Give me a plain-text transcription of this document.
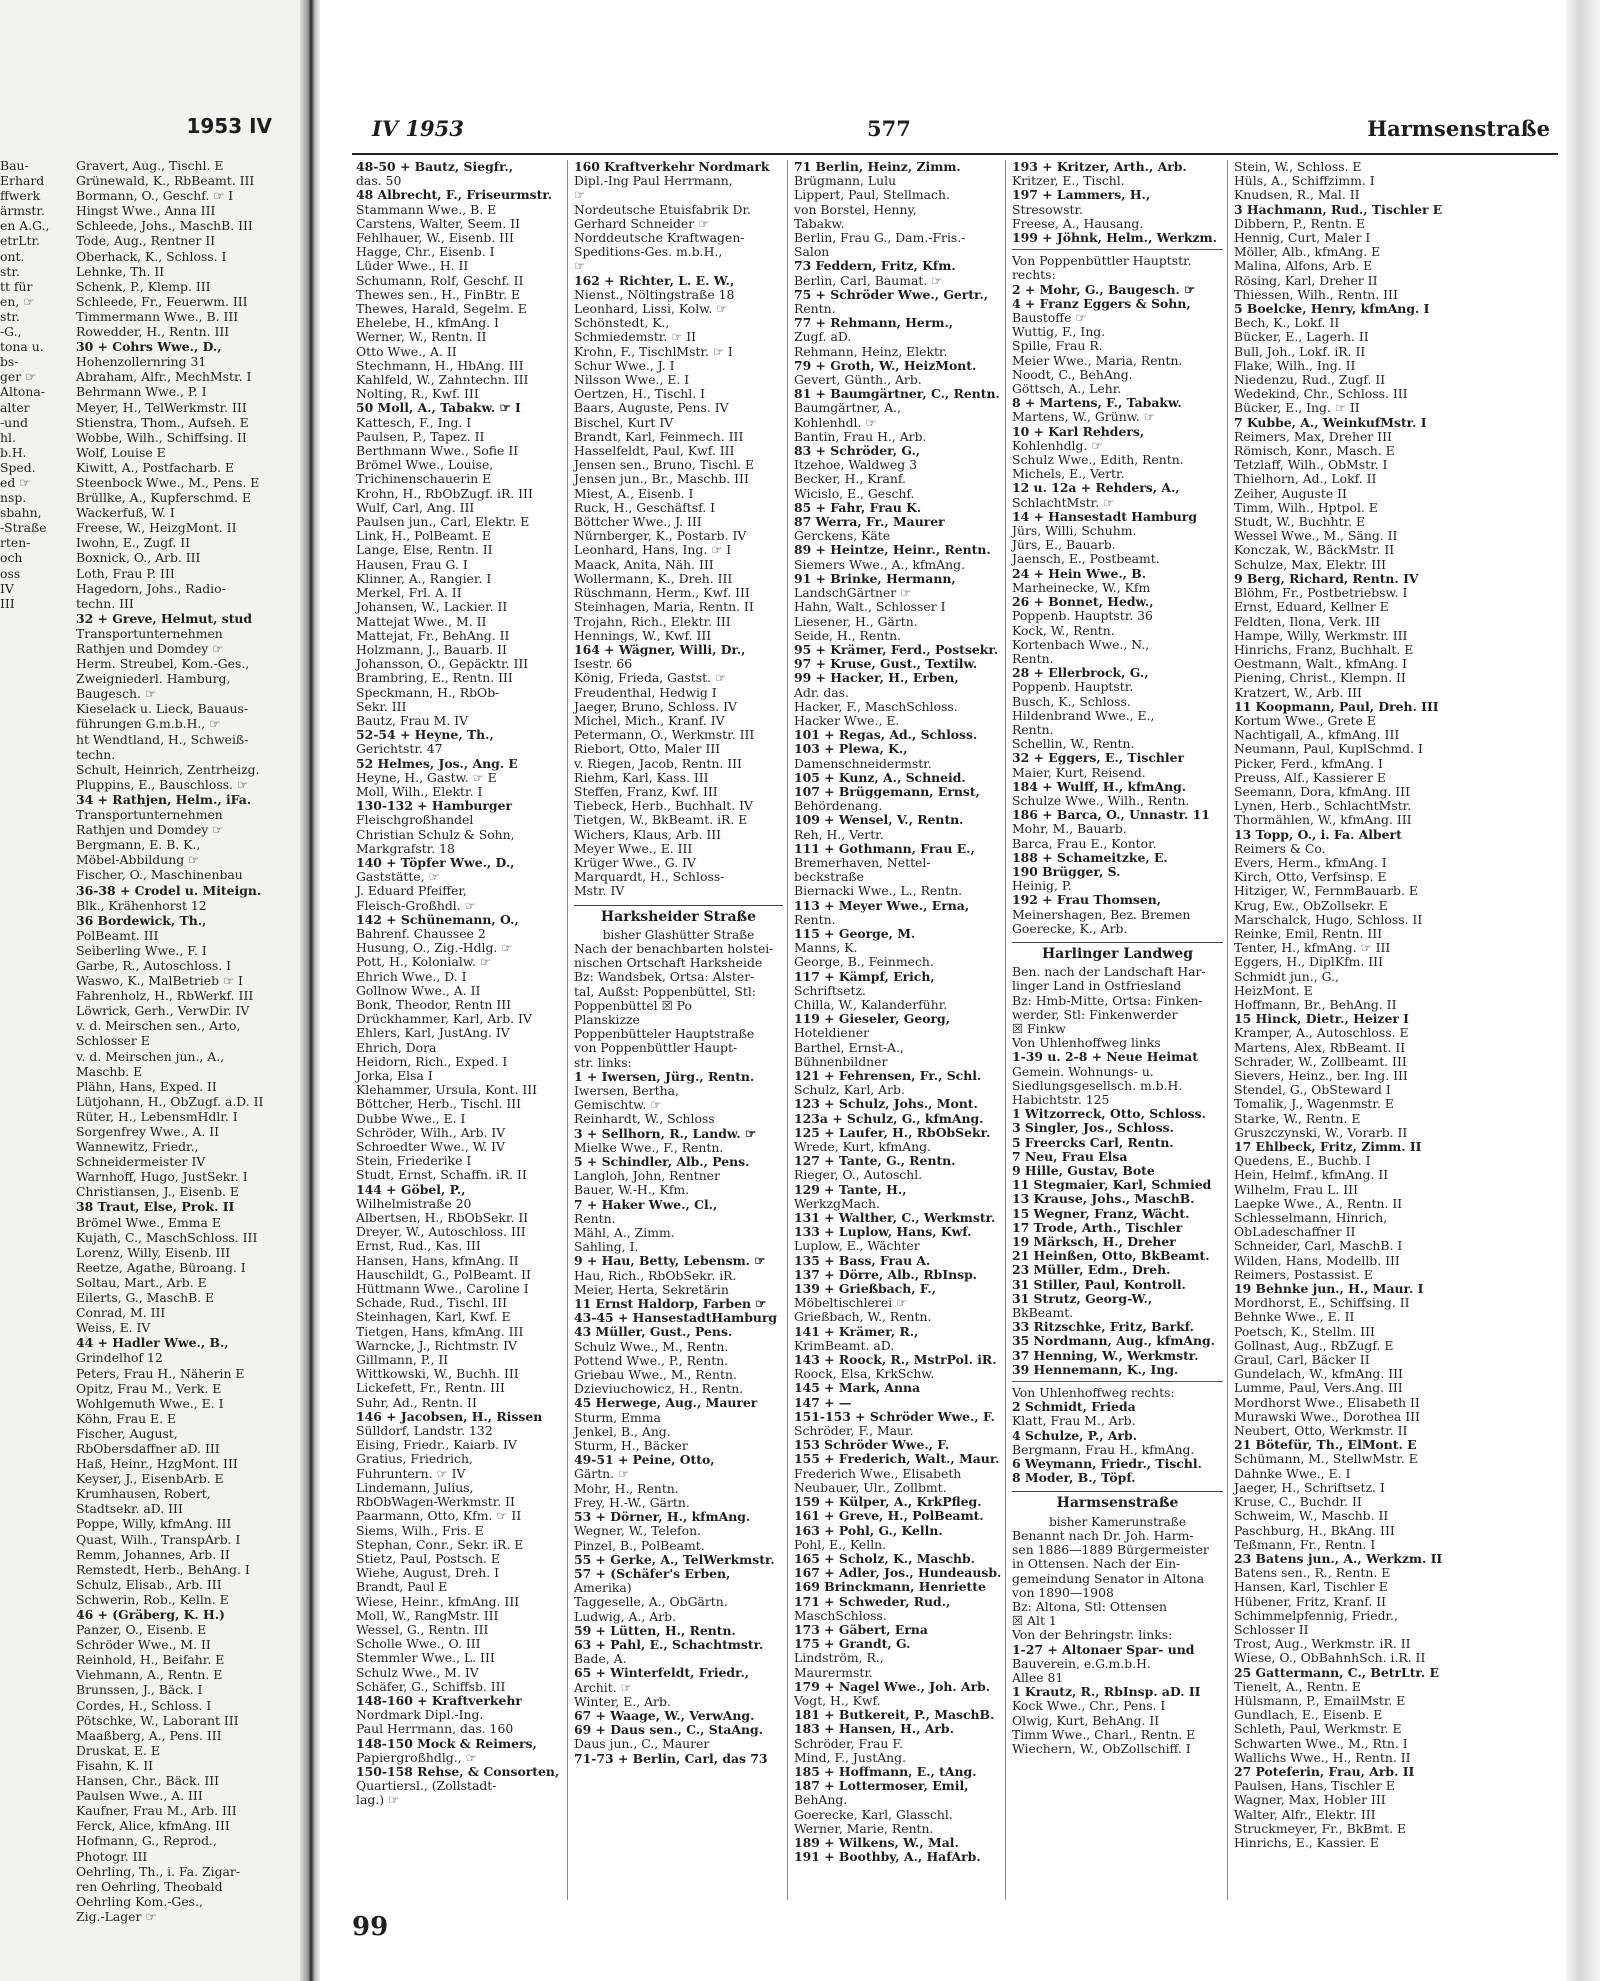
1953 IV
Bau-
Erhard
ffwerk
ärmstr.
en A.G.,
etrLtr.
ont.
str.
tt für
en, ☞
str.
-G.,
tona u.
bs-
ger ☞
Altona-
alter
-und
hl.
b.H.
Sped.
ed ☞
nsp.
sbahn,
-Straße
rten-
och
oss
IV
III
Gravert, Aug., Tischl. E
Grünewald, K., RbBeamt. III
Bormann, O., Geschf. ☞ I
Hingst Wwe., Anna III
Schleede, Johs., MaschB. III
Tode, Aug., Rentner II
Oberhack, K., Schloss. I
Lehnke, Th. II
Schenk, P., Klemp. III
Schleede, Fr., Feuerwm. III
Timmermann Wwe., B. III
Rowedder, H., Rentn. III
30 + Cohrs Wwe., D.,
Hohenzollernring 31
Abraham, Alfr., MechMstr. I
Behrmann Wwe., P. I
Meyer, H., TelWerkmstr. III
Stienstra, Thom., Aufseh. E
Wobbe, Wilh., Schiffsing. II
Wolf, Louise E
Kiwitt, A., Postfacharb. E
Steenbock Wwe., M., Pens. E
Brüllke, A., Kupferschmd. E
Wackerfuß, W. I
Freese, W., HeizgMont. II
Iwohn, E., Zugf. II
Boxnick, O., Arb. III
Loth, Frau P. III
Hagedorn, Johs., Radio-
techn. III
32 + Greve, Helmut, stud
Transportunternehmen
Rathjen und Domdey ☞
Herm. Streubel, Kom.-Ges.,
Zweigniederl. Hamburg,
Baugesch. ☞
Kieselack u. Lieck, Bauaus-
führungen G.m.b.H., ☞
ht Wendtland, H., Schweiß-
techn.
Schult, Heinrich, Zentrheizg.
Pluppins, E., Bauschloss. ☞
34 + Rathjen, Helm., iFa.
Transportunternehmen
Rathjen und Domdey ☞
Bergmann, E. B. K.,
Möbel-Abbildung ☞
Fischer, O., Maschinenbau
36-38 + Crodel u. Miteign.
Blk., Krähenhorst 12
36 Bordewick, Th.,
PolBeamt. III
Seiberling Wwe., F. I
Garbe, R., Autoschloss. I
Waswo, K., MalBetrieb ☞ I
Fahrenholz, H., RbWerkf. III
Löwrick, Gerh., VerwDir. IV
v. d. Meirschen sen., Arto,
Schlosser E
v. d. Meirschen jun., A.,
Maschb. E
Plähn, Hans, Exped. II
Lütjohann, H., ObZugf. a.D. II
Rüter, H., LebensmHdlr. I
Sorgenfrey Wwe., A. II
Wannewitz, Friedr.,
Schneidermeister IV
Warnhoff, Hugo, JustSekr. I
Christiansen, J., Eisenb. E
38 Traut, Else, Prok. II
Brömel Wwe., Emma E
Kujath, C., MaschSchloss. III
Lorenz, Willy, Eisenb. III
Reetze, Agathe, Büroang. I
Soltau, Mart., Arb. E
Eilerts, G., MaschB. E
Conrad, M. III
Weiss, E. IV
44 + Hadler Wwe., B.,
Grindelhof 12
Peters, Frau H., Näherin E
Opitz, Frau M., Verk. E
Wohlgemuth Wwe., E. I
Köhn, Frau E. E
Fischer, August,
RbObersdaffner aD. III
Haß, Heinr., HzgMont. III
Keyser, J., EisenbArb. E
Krumhausen, Robert,
Stadtsekr. aD. III
Poppe, Willy, kfmAng. III
Quast, Wilh., TranspArb. I
Remm, Johannes, Arb. II
Remstedt, Herb., BehAng. I
Schulz, Elisab., Arb. III
Schwerin, Rob., Kelln. E
46 + (Gräberg, K. H.)
Panzer, O., Eisenb. E
Schröder Wwe., M. II
Reinhold, H., Beifahr. E
Viehmann, A., Rentn. E
Brunssen, J., Bäck. I
Cordes, H., Schloss. I
Pötschke, W., Laborant III
Maaßberg, A., Pens. III
Druskat, E. E
Fisahn, K. II
Hansen, Chr., Bäck. III
Paulsen Wwe., A. III
Kaufner, Frau M., Arb. III
Ferck, Alice, kfmAng. III
Hofmann, G., Reprod.,
Photogr. III
Oehrling, Th., i. Fa. Zigar-
ren Oehrling, Theobald
Oehrling Kom.-Ges.,
Zig.-Lager ☞
IV 1953	577	Harmsenstraße
48-50 + Bautz, Siegfr.,
das. 50
48 Albrecht, F., Friseurmstr.
Stammann Wwe., B. E
Carstens, Walter, Seem. II
Fehlhauer, W., Eisenb. III
Hagge, Chr., Eisenb. I
Lüder Wwe., H. II
Schumann, Rolf, Geschf. II
Thewes sen., H., FinBtr. E
Thewes, Harald, Segelm. E
Ehelebe, H., kfmAng. I
Werner, W., Rentn. II
Otto Wwe., A. II
Stechmann, H., HbAng. III
Kahlfeld, W., Zahntechn. III
Nolting, R., Kwf. III
50 Moll, A., Tabakw. ☞ I
Kattesch, F., Ing. I
Paulsen, P., Tapez. II
Berthmann Wwe., Sofie II
Brömel Wwe., Louise,
Trichinenschauerin E
Krohn, H., RbObZugf. iR. III
Wulf, Carl, Ang. III
Paulsen jun., Carl, Elektr. E
Link, H., PolBeamt. E
Lange, Else, Rentn. II
Hausen, Frau G. I
Klinner, A., Rangier. I
Merkel, Frl. A. II
Johansen, W., Lackier. II
Mattejat Wwe., M. II
Mattejat, Fr., BehAng. II
Holzmann, J., Bauarb. II
Johansson, O., Gepäcktr. III
Brambring, E., Rentn. III
Speckmann, H., RbOb-
Sekr. III
Bautz, Frau M. IV
52-54 + Heyne, Th.,
Gerichtstr. 47
52 Helmes, Jos., Ang. E
Heyne, H., Gastw. ☞ E
Moll, Wilh., Elektr. I
130-132 + Hamburger
Fleischgroßhandel
Christian Schulz & Sohn,
Markgrafstr. 18
140 + Töpfer Wwe., D.,
Gaststätte, ☞
J. Eduard Pfeiffer,
Fleisch-Großhdl. ☞
142 + Schünemann, O.,
Bahrenf. Chaussee 2
Husung, O., Zig.-Hdlg. ☞
Pott, H., Kolonialw. ☞
Ehrich Wwe., D. I
Gollnow Wwe., A. II
Bonk, Theodor, Rentn III
Drückhammer, Karl, Arb. IV
Ehlers, Karl, JustAng. IV
Ehrich, Dora
Heidorn, Rich., Exped. I
Jorka, Elsa I
Klehammer, Ursula, Kont. III
Böttcher, Herb., Tischl. III
Dubbe Wwe., E. I
Schröder, Wilh., Arb. IV
Schroedter Wwe., W. IV
Stein, Friederike I
Studt, Ernst, Schaffn. iR. II
144 + Göbel, P.,
Wilhelmistraße 20
Albertsen, H., RbObSekr. II
Dreyer, W., Autoschloss. III
Ernst, Rud., Kas. III
Hansen, Hans, kfmAng. II
Hauschildt, G., PolBeamt. II
Hüttmann Wwe., Caroline I
Schade, Rud., Tischl. III
Steinhagen, Karl, Kwf. E
Tietgen, Hans, kfmAng. III
Warncke, J., Richtmstr. IV
Gillmann, P., II
Wittkowski, W., Buchh. III
Lickefett, Fr., Rentn. III
Suhr, Ad., Rentn. II
146 + Jacobsen, H., Rissen
Sülldorf, Landstr. 132
Eising, Friedr., Kaiarb. IV
Gratius, Friedrich,
Fuhruntern. ☞ IV
Lindemann, Julius,
RbObWagen-Werkmstr. II
Paarmann, Otto, Kfm. ☞ II
Siems, Wilh., Fris. E
Stephan, Conr., Sekr. iR. E
Stietz, Paul, Postsch. E
Wiehe, August, Dreh. I
Brandt, Paul E
Wiese, Heinr., kfmAng. III
Moll, W., RangMstr. III
Wessel, G., Rentn. III
Scholle Wwe., O. III
Stemmler Wwe., L. III
Schulz Wwe., M. IV
Schäfer, G., Schiffsb. III
148-160 + Kraftverkehr
Nordmark Dipl.-Ing.
Paul Herrmann, das. 160
148-150 Mock & Reimers,
Papiergroßhdlg., ☞
150-158 Rehse, & Consorten,
Quartiersl., (Zollstadt-
lag.) ☞
160 Kraftverkehr Nordmark
Dipl.-Ing Paul Herrmann,
☞
Nordeutsche Etuisfabrik Dr.
Gerhard Schneider ☞
Norddeutsche Kraftwagen-
Speditions-Ges. m.b.H.,
☞
162 + Richter, L. E. W.,
Nienst., Nöltingstraße 18
Leonhard, Lissi, Kolw. ☞
Schönstedt, K.,
Schmiedemstr. ☞ II
Krohn, F., TischlMstr. ☞ I
Schur Wwe., J. I
Nilsson Wwe., E. I
Oertzen, H., Tischl. I
Baars, Auguste, Pens. IV
Bischel, Kurt IV
Brandt, Karl, Feinmech. III
Hasselfeldt, Paul, Kwf. III
Jensen sen., Bruno, Tischl. E
Jensen jun., Br., Maschb. III
Miest, A., Eisenb. I
Ruck, H., Geschäftsf. I
Böttcher Wwe., J. III
Nürnberger, K., Postarb. IV
Leonhard, Hans, Ing. ☞ I
Maack, Anita, Näh. III
Wollermann, K., Dreh. III
Rüschmann, Herm., Kwf. III
Steinhagen, Maria, Rentn. II
Trojahn, Rich., Elektr. III
Hennings, W., Kwf. III
164 + Wägner, Willi, Dr.,
Isestr. 66
König, Frieda, Gastst. ☞
Freudenthal, Hedwig I
Jaeger, Bruno, Schloss. IV
Michel, Mich., Kranf. IV
Petermann, O., Werkmstr. III
Riebort, Otto, Maler III
v. Riegen, Jacob, Rentn. III
Riehm, Karl, Kass. III
Steffen, Franz, Kwf. III
Tiebeck, Herb., Buchhalt. IV
Tietgen, W., BkBeamt. iR. E
Wichers, Klaus, Arb. III
Meyer Wwe., E. III
Krüger Wwe., G. IV
Marquardt, H., Schloss-
Mstr. IV
Harksheider Straße
bisher Glashütter Straße
Nach der benachbarten holstei-
nischen Ortschaft Harksheide
Bz: Wandsbek, Ortsa: Alster-
tal, Außst: Poppenbüttel, Stl:
Poppenbüttel ☒ Po
Planskizze
Poppenbütteler Hauptstraße
von Poppenbüttler Haupt-
str. links:
1 + Iwersen, Jürg., Rentn.
Iwersen, Bertha,
Gemischtw. ☞
Reinhardt, W., Schloss
3 + Sellhorn, R., Landw. ☞
Mielke Wwe., F., Rentn.
5 + Schindler, Alb., Pens.
Langloh, John, Rentner
Bauer, W.-H., Kfm.
7 + Haker Wwe., Cl.,
Rentn.
Mähl, A., Zimm.
Sahling, I.
9 + Hau, Betty, Lebensm. ☞
Hau, Rich., RbObSekr. iR.
Meier, Herta, Sekretärin
11 Ernst Haldorp, Farben ☞
43-45 + HansestadtHamburg
43 Müller, Gust., Pens.
Schulz Wwe., M., Rentn.
Pottend Wwe., P., Rentn.
Griebau Wwe., M., Rentn.
Dzieviuchowicz, H., Rentn.
45 Herwege, Aug., Maurer
Sturm, Emma
Jenkel, B., Ang.
Sturm, H., Bäcker
49-51 + Peine, Otto,
Gärtn. ☞
Mohr, H., Rentn.
Frey, H.-W., Gärtn.
53 + Dörner, H., kfmAng.
Wegner, W., Telefon.
Pinzel, B., PolBeamt.
55 + Gerke, A., TelWerkmstr.
57 + (Schäfer's Erben,
Amerika)
Taggeselle, A., ObGärtn.
Ludwig, A., Arb.
59 + Lütten, H., Rentn.
63 + Pahl, E., Schachtmstr.
Bade, A.
65 + Winterfeldt, Friedr.,
Archit. ☞
Winter, E., Arb.
67 + Waage, W., VerwAng.
69 + Daus sen., C., StaAng.
Daus jun., C., Maurer
71-73 + Berlin, Carl, das 73
71 Berlin, Heinz, Zimm.
Brügmann, Lulu
Lippert, Paul, Stellmach.
von Borstel, Henny,
Tabakw.
Berlin, Frau G., Dam.-Fris.-
Salon
73 Feddern, Fritz, Kfm.
Berlin, Carl, Baumat. ☞
75 + Schröder Wwe., Gertr.,
Rentn.
77 + Rehmann, Herm.,
Zugf. aD.
Rehmann, Heinz, Elektr.
79 + Groth, W., HeizMont.
Gevert, Günth., Arb.
81 + Baumgärtner, C., Rentn.
Baumgärtner, A.,
Kohlenhdl. ☞
Bantin, Frau H., Arb.
83 + Schröder, G.,
Itzehoe, Waldweg 3
Becker, H., Kranf.
Wicislo, E., Geschf.
85 + Fahr, Frau K.
87 Werra, Fr., Maurer
Gerckens, Käte
89 + Heintze, Heinr., Rentn.
Siemers Wwe., A., kfmAng.
91 + Brinke, Hermann,
LandschGärtner ☞
Hahn, Walt., Schlosser I
Liesener, H., Gärtn.
Seide, H., Rentn.
95 + Krämer, Ferd., Postsekr.
97 + Kruse, Gust., Textilw.
99 + Hacker, H., Erben,
Adr. das.
Hacker, F., MaschSchloss.
Hacker Wwe., E.
101 + Regas, Ad., Schloss.
103 + Plewa, K.,
Damenschneidermstr.
105 + Kunz, A., Schneid.
107 + Brüggemann, Ernst,
Behördenang.
109 + Wensel, V., Rentn.
Reh, H., Vertr.
111 + Gothmann, Frau E.,
Bremerhaven, Nettel-
beckstraße
Biernacki Wwe., L., Rentn.
113 + Meyer Wwe., Erna,
Rentn.
115 + George, M.
Manns, K.
George, B., Feinmech.
117 + Kämpf, Erich,
Schriftsetz.
Chilla, W., Kalanderführ.
119 + Gieseler, Georg,
Hoteldiener
Barthel, Ernst-A.,
Bühnenbildner
121 + Fehrensen, Fr., Schl.
Schulz, Karl, Arb.
123 + Schulz, Johs., Mont.
123a + Schulz, G., kfmAng.
125 + Laufer, H., RbObSekr.
Wrede, Kurt, kfmAng.
127 + Tante, G., Rentn.
Rieger, O., Autoschl.
129 + Tante, H.,
WerkzgMach.
131 + Walther, C., Werkmstr.
133 + Luplow, Hans, Kwf.
Luplow, E., Wächter
135 + Bass, Frau A.
137 + Dörre, Alb., RbInsp.
139 + Grießbach, F.,
Möbeltischlerei ☞
Grießbach, W., Rentn.
141 + Krämer, R.,
KrimBeamt. aD.
143 + Roock, R., MstrPol. iR.
Roock, Elsa, KrkSchw.
145 + Mark, Anna
147 + —
151-153 + Schröder Wwe., F.
Schröder, F., Maur.
153 Schröder Wwe., F.
155 + Frederich, Walt., Maur.
Frederich Wwe., Elisabeth
Neubauer, Ulr., Zollbmt.
159 + Külper, A., KrkPfleg.
161 + Greve, H., PolBeamt.
163 + Pohl, G., Kelln.
Pohl, E., Kelln.
165 + Scholz, K., Maschb.
167 + Adler, Jos., Hundeausb.
169 Brinckmann, Henriette
171 + Schweder, Rud.,
MaschSchloss.
173 + Gäbert, Erna
175 + Grandt, G.
Lindström, R.,
Maurermstr.
179 + Nagel Wwe., Joh. Arb.
Vogt, H., Kwf.
181 + Butkereit, P., MaschB.
183 + Hansen, H., Arb.
Schröder, Frau F.
Mind, F., JustAng.
185 + Hoffmann, E., tAng.
187 + Lottermoser, Emil,
BehAng.
Goerecke, Karl, Glasschl.
Werner, Marie, Rentn.
189 + Wilkens, W., Mal.
191 + Boothby, A., HafArb.
193 + Kritzer, Arth., Arb.
Kritzer, E., Tischl.
197 + Lammers, H.,
Stresowstr.
Freese, A., Hausang.
199 + Jöhnk, Helm., Werkzm.
Von Poppenbüttler Hauptstr.
rechts:
2 + Mohr, G., Baugesch. ☞
4 + Franz Eggers & Sohn,
Baustoffe ☞
Wuttig, F., Ing.
Spille, Frau R.
Meier Wwe., Maria, Rentn.
Noodt, C., BehAng.
Göttsch, A., Lehr.
8 + Martens, F., Tabakw.
Martens, W., Grünw. ☞
10 + Karl Rehders,
Kohlenhdlg. ☞
Schulz Wwe., Edith, Rentn.
Michels, E., Vertr.
12 u. 12a + Rehders, A.,
SchlachtMstr. ☞
14 + Hansestadt Hamburg
Jürs, Willi, Schuhm.
Jürs, E., Bauarb.
Jaensch, E., Postbeamt.
24 + Hein Wwe., B.
Marheinecke, W., Kfm
26 + Bonnet, Hedw.,
Poppenb. Hauptstr. 36
Kock, W., Rentn.
Kortenbach Wwe., N.,
Rentn.
28 + Ellerbrock, G.,
Poppenb. Hauptstr.
Busch, K., Schloss.
Hildenbrand Wwe., E.,
Rentn.
Schellin, W., Rentn.
32 + Eggers, E., Tischler
Maier, Kurt, Reisend.
184 + Wulff, H., kfmAng.
Schulze Wwe., Wilh., Rentn.
186 + Barca, O., Unnastr. 11
Mohr, M., Bauarb.
Barca, Frau E., Kontor.
188 + Schameitzke, E.
190 Brügger, S.
Heinig, P.
192 + Frau Thomsen,
Meinershagen, Bez. Bremen
Goerecke, K., Arb.
Harlinger Landweg
Ben. nach der Landschaft Har-
linger Land in Ostfriesland
Bz: Hmb-Mitte, Ortsa: Finken-
werder, Stl: Finkenwerder
☒ Finkw
Von Uhlenhoffweg links
1-39 u. 2-8 + Neue Heimat
Gemein. Wohnungs- u.
Siedlungsgesellsch. m.b.H.
Habichtstr. 125
1 Witzorreck, Otto, Schloss.
3 Singler, Jos., Schloss.
5 Freercks Carl, Rentn.
7 Neu, Frau Elsa
9 Hille, Gustav, Bote
11 Stegmaier, Karl, Schmied
13 Krause, Johs., MaschB.
15 Wegner, Franz, Wächt.
17 Trode, Arth., Tischler
19 Märksch, H., Dreher
21 Heinßen, Otto, BkBeamt.
23 Müller, Edm., Dreh.
31 Stiller, Paul, Kontroll.
31 Strutz, Georg-W.,
BkBeamt.
33 Ritzschke, Fritz, Barkf.
35 Nordmann, Aug., kfmAng.
37 Henning, W., Werkmstr.
39 Hennemann, K., Ing.
Von Uhlenhoffweg rechts:
2 Schmidt, Frieda
Klatt, Frau M., Arb.
4 Schulze, P., Arb.
Bergmann, Frau H., kfmAng.
6 Weymann, Friedr., Tischl.
8 Moder, B., Töpf.
Harmsenstraße
bisher Kamerunstraße
Benannt nach Dr. Joh. Harm-
sen 1886—1889 Bürgermeister
in Ottensen. Nach der Ein-
gemeindung Senator in Altona
von 1890—1908
Bz: Altona, Stl: Ottensen
☒ Alt 1
Von der Behringstr. links:
1-27 + Altonaer Spar- und
Bauverein, e.G.m.b.H.
Allee 81
1 Krautz, R., RbInsp. aD. II
Kock Wwe., Chr., Pens. I
Olwig, Kurt, BehAng. II
Timm Wwe., Charl., Rentn. E
Wiechern, W., ObZollschiff. I
Stein, W., Schloss. E
Hüls, A., Schiffzimm. I
Knudsen, R., Mal. II
3 Hachmann, Rud., Tischler E
Dibbern, P., Rentn. E
Hennig, Curt, Maler I
Möller, Alb., kfmAng. E
Malina, Alfons, Arb. E
Rösing, Karl, Dreher II
Thiessen, Wilh., Rentn. III
5 Boelcke, Henry, kfmAng. I
Bech, K., Lokf. II
Bücker, E., Lagerh. II
Bull, Joh., Lokf. iR. II
Flake, Wilh., Ing. II
Niedenzu, Rud., Zugf. II
Wedekind, Chr., Schloss. III
Bücker, E., Ing. ☞ II
7 Kubbe, A., WeinkufMstr. I
Reimers, Max, Dreher III
Römisch, Konr., Masch. E
Tetzlaff, Wilh., ObMstr. I
Thielhorn, Ad., Lokf. II
Zeiher, Auguste II
Timm, Wilh., Hptpol. E
Studt, W., Buchhtr. E
Wessel Wwe., M., Säng. II
Konczak, W., BäckMstr. II
Schulze, Max, Elektr. III
9 Berg, Richard, Rentn. IV
Blöhm, Fr., Postbetriebsw. I
Ernst, Eduard, Kellner E
Feldten, Ilona, Verk. III
Hampe, Willy, Werkmstr. III
Hinrichs, Franz, Buchhalt. E
Oestmann, Walt., kfmAng. I
Piening, Christ., Klempn. II
Kratzert, W., Arb. III
11 Koopmann, Paul, Dreh. III
Kortum Wwe., Grete E
Nachtigall, A., kfmAng. III
Neumann, Paul, KuplSchmd. I
Picker, Ferd., kfmAng. I
Preuss, Alf., Kassierer E
Seemann, Dora, kfmAng. III
Lynen, Herb., SchlachtMstr.
Thormählen, W., kfmAng. III
13 Topp, O., i. Fa. Albert
Reimers & Co.
Evers, Herm., kfmAng. I
Kirch, Otto, Verfsinsp. E
Hitziger, W., FernmBauarb. E
Krug, Ew., ObZollsekr. E
Marschalck, Hugo, Schloss. II
Reinke, Emil, Rentn. III
Tenter, H., kfmAng. ☞ III
Eggers, H., DiplKfm. III
Schmidt jun., G.,
HeizMont. E
Hoffmann, Br., BehAng. II
15 Hinck, Dietr., Heizer I
Kramper, A., Autoschloss. E
Martens, Alex, RbBeamt. II
Schrader, W., Zollbeamt. III
Sievers, Heinz., ber. Ing. III
Stendel, G., ObSteward I
Tomalik, J., Wagenmstr. E
Starke, W., Rentn. E
Gruszczynski, W., Vorarb. II
17 Ehlbeck, Fritz, Zimm. II
Quedens, E., Buchb. I
Hein, Helmf., kfmAng. II
Wilhelm, Frau L. III
Laepke Wwe., A., Rentn. II
Schlesselmann, Hinrich,
ObLadeschaffner II
Schneider, Carl, MaschB. I
Wilden, Hans, Modellb. III
Reimers, Postassist. E
19 Behnke jun., H., Maur. I
Mordhorst, E., Schiffsing. II
Behnke Wwe., E. II
Poetsch, K., Stellm. III
Gollnast, Aug., RbZugf. E
Graul, Carl, Bäcker II
Gundelach, W., kfmAng. III
Lumme, Paul, Vers.Ang. III
Mordhorst Wwe., Elisabeth II
Murawski Wwe., Dorothea III
Neubert, Otto, Werkmstr. II
21 Bötefür, Th., ElMont. E
Schümann, M., StellwMstr. E
Dahnke Wwe., E. I
Jaeger, H., Schriftsetz. I
Kruse, C., Buchdr. II
Schweim, W., Maschb. II
Paschburg, H., BkAng. III
Teßmann, Fr., Rentn. I
23 Batens jun., A., Werkzm. II
Batens sen., R., Rentn. E
Hansen, Karl, Tischler E
Hübener, Fritz, Kranf. II
Schimmelpfennig, Friedr.,
Schlosser II
Trost, Aug., Werkmstr. iR. II
Wiese, O., ObBahnhSch. i.R. II
25 Gattermann, C., BetrLtr. E
Tienelt, A., Rentn. E
Hülsmann, P., EmailMstr. E
Gundlach, E., Eisenb. E
Schleth, Paul, Werkmstr. E
Schwarten Wwe., M., Rtn. I
Wallichs Wwe., H., Rentn. II
27 Poteferin, Frau, Arb. II
Paulsen, Hans, Tischler E
Wagner, Max, Hobler III
Walter, Alfr., Elektr. III
Struckmeyer, Fr., BkBmt. E
Hinrichs, E., Kassier. E
99
